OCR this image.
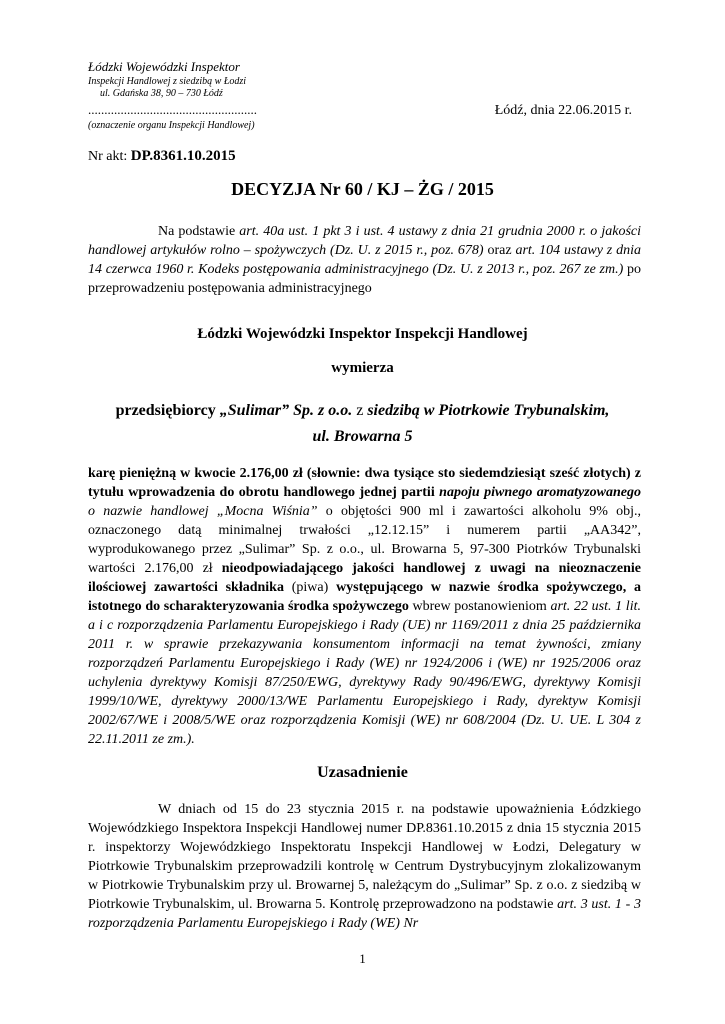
Łódzki Wojewódzki Inspektor
Inspekcji Handlowej z siedzibą w Łodzi
ul. Gdańska 38, 90 – 730 Łódź
....................................................	Łódź, dnia 22.06.2015 r.
(oznaczenie organu Inspekcji Handlowej)
Nr akt: DP.8361.10.2015
DECYZJA Nr 60 / KJ – ŻG / 2015

Na podstawie art. 40a ust. 1 pkt 3 i ust. 4 ustawy z dnia 21 grudnia 2000 r. o jakości handlowej artykułów rolno – spożywczych (Dz. U. z 2015 r., poz. 678) oraz art. 104 ustawy z dnia 14 czerwca 1960 r. Kodeks postępowania administracyjnego (Dz. U. z 2013 r., poz. 267 ze zm.) po przeprowadzeniu postępowania administracyjnego

Łódzki Wojewódzki Inspektor Inspekcji Handlowej
wymierza
przedsiębiorcy „Sulimar” Sp. z o.o. z siedzibą w Piotrkowie Trybunalskim,
ul. Browarna 5

karę pieniężną w kwocie 2.176,00 zł (słownie: dwa tysiące sto siedemdziesiąt sześć złotych) z tytułu wprowadzenia do obrotu handlowego jednej partii napoju piwnego aromatyzowanego o nazwie handlowej „Mocna Wiśnia” o objętości 900 ml i zawartości alkoholu 9% obj., oznaczonego datą minimalnej trwałości „12.12.15” i numerem partii „AA342”, wyprodukowanego przez „Sulimar” Sp. z o.o., ul. Browarna 5, 97-300 Piotrków Trybunalski wartości 2.176,00 zł nieodpowiadającego jakości handlowej z uwagi na nieoznaczenie ilościowej zawartości składnika (piwa) występującego w nazwie środka spożywczego, a istotnego do scharakteryzowania środka spożywczego wbrew postanowieniom art. 22 ust. 1 lit. a i c rozporządzenia Parlamentu Europejskiego i Rady (UE) nr 1169/2011 z dnia 25 października 2011 r. w sprawie przekazywania konsumentom informacji na temat żywności, zmiany rozporządzeń Parlamentu Europejskiego i Rady (WE) nr 1924/2006 i (WE) nr 1925/2006 oraz uchylenia dyrektywy Komisji 87/250/EWG, dyrektywy Rady 90/496/EWG, dyrektywy Komisji 1999/10/WE, dyrektywy 2000/13/WE Parlamentu Europejskiego i Rady, dyrektyw Komisji 2002/67/WE i 2008/5/WE oraz rozporządzenia Komisji (WE) nr 608/2004 (Dz. U. UE. L 304 z 22.11.2011 ze zm.).

Uzasadnienie

W dniach od 15 do 23 stycznia 2015 r. na podstawie upoważnienia Łódzkiego Wojewódzkiego Inspektora Inspekcji Handlowej numer DP.8361.10.2015 z dnia 15 stycznia 2015 r. inspektorzy Wojewódzkiego Inspektoratu Inspekcji Handlowej w Łodzi, Delegatury w Piotrkowie Trybunalskim przeprowadzili kontrolę w Centrum Dystrybucyjnym zlokalizowanym w Piotrkowie Trybunalskim przy ul. Browarnej 5, należącym do „Sulimar” Sp. z o.o. z siedzibą w Piotrkowie Trybunalskim, ul. Browarna 5. Kontrolę przeprowadzono na podstawie art. 3 ust. 1 - 3 rozporządzenia Parlamentu Europejskiego i Rady (WE) Nr

1
